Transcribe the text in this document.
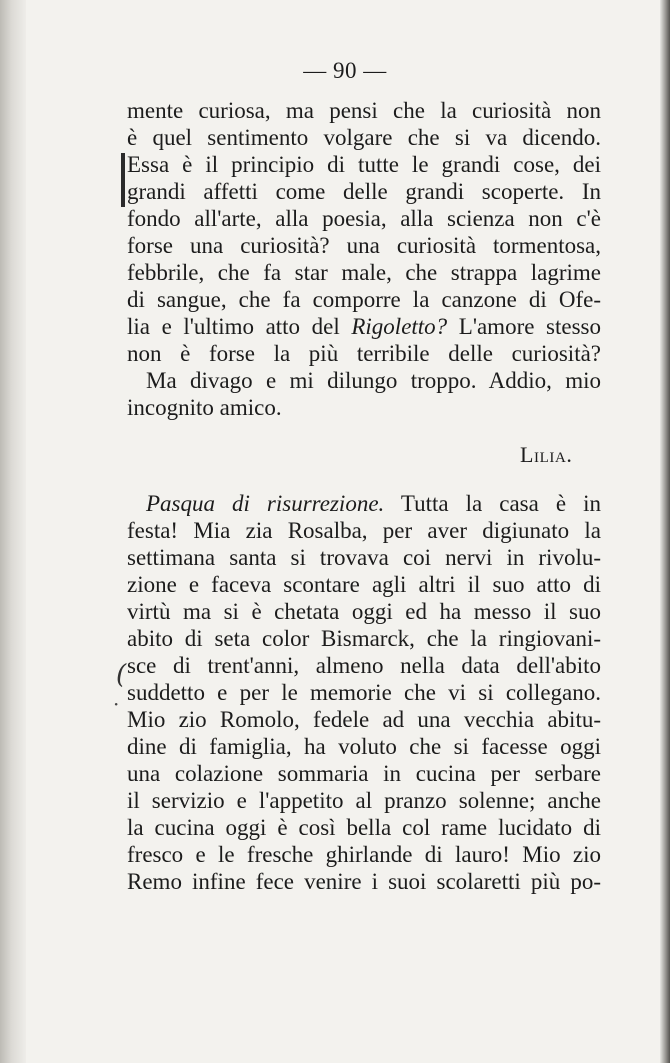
— 90 —
mente curiosa, ma pensi che la curiosità non
è quel sentimento volgare che si va dicendo.
Essa è il principio di tutte le grandi cose, dei
grandi affetti come delle grandi scoperte. In
fondo all'arte, alla poesia, alla scienza non c'è
forse una curiosità? una curiosità tormentosa,
febbrile, che fa star male, che strappa lagrime
di sangue, che fa comporre la canzone di Ofe-
lia e l'ultimo atto del Rigoletto? L'amore stesso
non è forse la più terribile delle curiosità?
Ma divago e mi dilungo troppo. Addio, mio
incognito amico.
Lilia.
Pasqua di risurrezione. Tutta la casa è in
festa! Mia zia Rosalba, per aver digiunato la
settimana santa si trovava coi nervi in rivolu-
zione e faceva scontare agli altri il suo atto di
virtù ma si è chetata oggi ed ha messo il suo
abito di seta color Bismarck, che la ringiovani-
sce di trent'anni, almeno nella data dell'abito
suddetto e per le memorie che vi si collegano.
Mio zio Romolo, fedele ad una vecchia abitu-
dine di famiglia, ha voluto che si facesse oggi
una colazione sommaria in cucina per serbare
il servizio e l'appetito al pranzo solenne; anche
la cucina oggi è così bella col rame lucidato di
fresco e le fresche ghirlande di lauro! Mio zio
Remo infine fece venire i suoi scolaretti più po-
(
·
